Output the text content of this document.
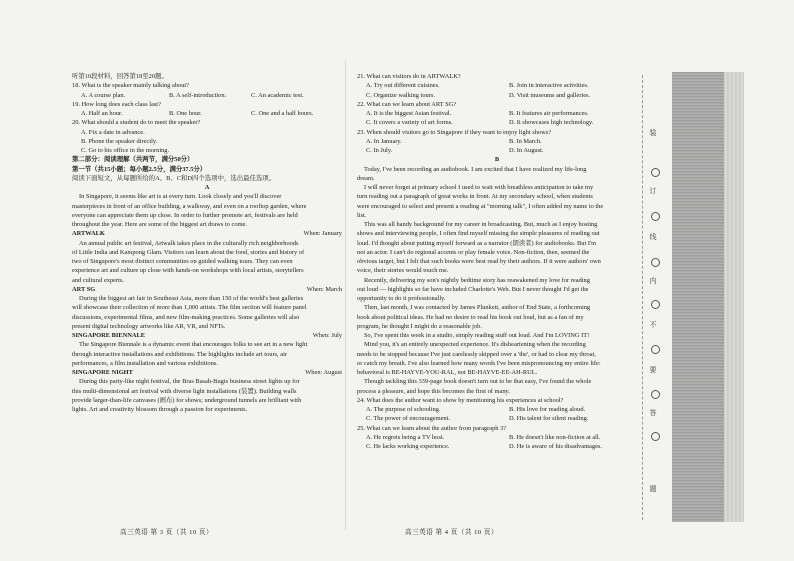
听第10段材料，回答第18至20题。
18. What is the speaker mainly talking about?
A. A course plan.	B. A self-introduction.	C. An academic test.
19. How long does each class last?
A. Half an hour.	B. One hour.	C. One and a half hours.
20. What should a student do to meet the speaker?
A. Fix a date in advance.
B. Phone the speaker directly.
C. Go to his office in the morning.
第二部分：阅读理解（共两节，满分50分）
第一节（共15小题；每小题2.5分，满分37.5分）
阅读下面短文，从每题所给的A、B、C和D四个选项中，选出最佳选项。
A
In Singapore, it seems like art is at every turn. Look closely and you'll discover
masterpieces in front of an office building, a walkway, and even on a rooftop garden, where
everyone can appreciate them up close. In order to further promote art, festivals are held
throughout the year. Here are some of the biggest art draws to come.
ARTWALK	When: January
An annual public art festival, Artwalk takes place in the culturally rich neighborhoods
of Little India and Kampong Glam. Visitors can learn about the food, stories and history of
two of Singapore's most distinct communities on guided walking tours. They can even
experience art and culture up close with hands-on workshops with local artists, storytellers
and cultural experts.
ART SG	When: March
During the biggest art fair in Southeast Asia, more than 150 of the world's best galleries
will showcase their collection of more than 1,000 artists. The film section will feature panel
discussions, experimental films, and new film-making practices. Some galleries will also
present digital technology artworks like AR, VR, and NFTs.
SINGAPORE BIENNALE	When: July
The Singapore Biennale is a dynamic event that encourages folks to see art in a new light
through interactive installations and exhibitions. The highlights include art tours, air
performances, a film installation and various exhibitions.
SINGAPORE NIGHT	When: August
During this party-like night festival, the Bras Basah-Bugis business street lights up for
this multi-dimensional art festival with diverse light installations (装置). Building walls
provide larger-than-life canvases (画布) for shows; underground tunnels are brilliant with
lights. Art and creativity blossom through a passion for experiments.
高三英语 第 3 页（共 10 页）
21. What can visitors do in ARTWALK?
A. Try out different cuisines.	B. Join in interactive activities.
C. Organize walking tours.	D. Visit museums and galleries.
22. What can we learn about ART SG?
A. It is the biggest Asian festival.	B. It features air performances.
C. It covers a variety of art forms.	D. It showcases high technology.
23. When should visitors go to Singapore if they want to enjoy light shows?
A. In January.	B. In March.
C. In July.	D. In August.
B
Today, I've been recording an audiobook. I am excited that I have realized my life-long
dream.
I will never forget at primary school I used to wait with breathless anticipation to take my
turn reading out a paragraph of great works in front. At my secondary school, when students
were encouraged to select and present a reading at "morning talk", I often added my name to the
list.
This was all handy background for my career in broadcasting. But, much as I enjoy hosting
shows and interviewing people, I often find myself missing the simple pleasures of reading out
loud. I'd thought about putting myself forward as a narrator (朗读者) for audiobooks. But I'm
not an actor. I can't do regional accents or play female voice. Non-fiction, then, seemed the
obvious target, but I felt that such books were best read by their authors. If it were authors' own
voice, their stories would touch me.
Recently, delivering my son's nightly bedtime story has reawakened my love for reading
out loud — highlights so far have included Charlotte's Web. But I never thought I'd get the
opportunity to do it professionally.
Then, last month, I was contacted by James Plunkett, author of End State, a forthcoming
book about political ideas. He had no desire to read his book out loud, but as a fan of my
program, he thought I might do a reasonable job.
So, I've spent this week in a studio, simply reading stuff out loud. And I'm LOVING IT!
Mind you, it's an entirely unexpected experience. It's disheartening when the recording
needs to be stopped because I've just carelessly skipped over a 'the', or had to clear my throat,
or catch my breath. I've also learned how many words I've been mispronouncing my entire life:
behavioral is BE-HAYVE-YOU-RAL, not BE-HAYVE-EE-AH-RUL.
Though tackling this 339-page book doesn't turn out to be that easy, I've found the whole
process a pleasure, and hope this becomes the first of many.
24. What does the author want to show by mentioning his experiences at school?
A. The purpose of schooling.	B. His love for reading aloud.
C. The power of encouragement.	D. His talent for silent reading.
25. What can we learn about the author from paragraph 3?
A. He regrets being a TV host.	B. He doesn't like non-fiction at all.
C. He lacks working experience.	D. He is aware of his disadvantages.
高三英语 第 4 页（共 10 页）
装
订
线
内
不
要
答
题
